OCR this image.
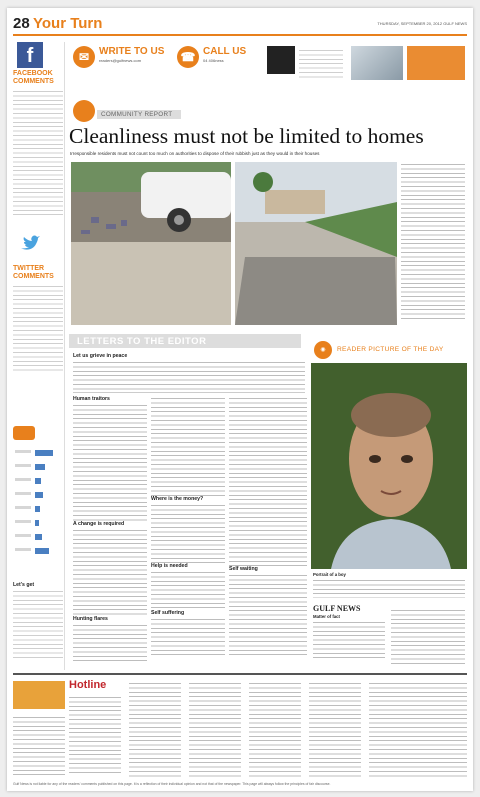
28 Your Turn	THURSDAY, SEPTEMBER 20, 2012 GULF NEWS
f
FACEBOOK COMMENTS
TWITTER COMMENTS
Let's get
✉ WRITE TO US
readers@gulfnews.com	☎ CALL US
04 406ness
COMMUNITY REPORT
Cleanliness must not be limited to homes
Irresponsible residents must not count too much on authorities to dispose of their rubbish just as they would in their houses
LETTERS TO THE EDITOR
Let us grieve in peace
Human traitors
A change is required
Hunting flares
Where is the money?
Help is needed
Self suffering
Self waiting
◉	READER PICTURE OF THE DAY
Portrait of a boy
GULF NEWS
Matter of fact
Hotline
Gulf News is not liable for any of the readers' comments published on this page. It is a reflection of their individual opinion and not that of the newspaper. This page will always follow the principles of fair discourse.
